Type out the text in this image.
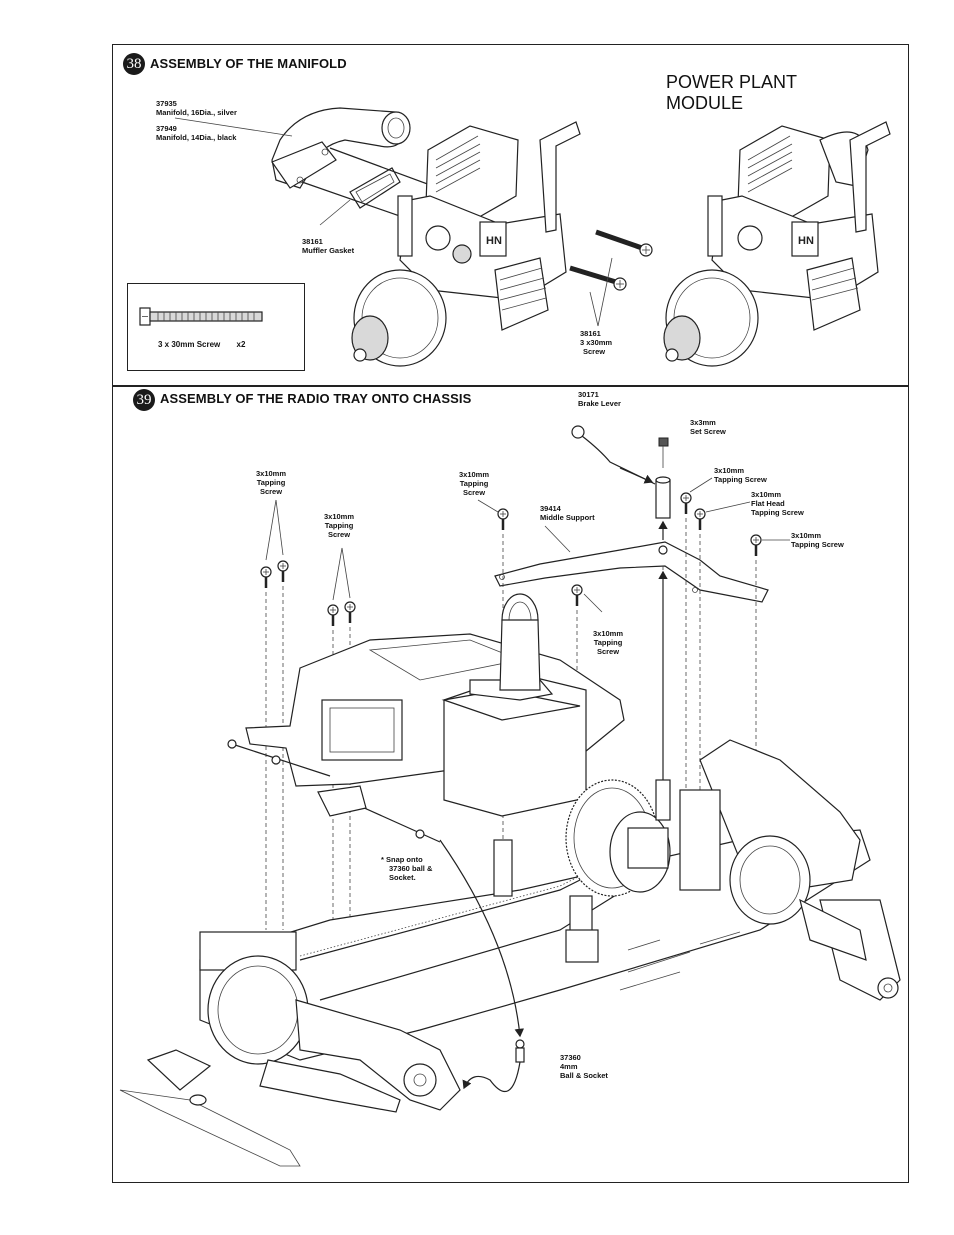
38 ASSEMBLY OF THE MANIFOLD
POWER PLANT
MODULE
37935
Manifold, 16Dia., silver
37949
Manifold, 14Dia., black
38161
Muffler Gasket
38161
3 x30mm
Screw
3 x 30mm Screw x2
39 ASSEMBLY OF THE RADIO TRAY ONTO CHASSIS	30171
Brake Lever
3x3mm
Set Screw
3x10mm
Tapping Screw
3x10mm
Flat Head
Tapping Screw
3x10mm
Tapping Screw
3x10mm
Tapping
Screw
3x10mm
Tapping
Screw
3x10mm
Tapping
Screw
3x10mm
Tapping
Screw
39414
Middle Support
* Snap onto
37360 ball &
Socket.
37360
4mm
Ball & Socket
HN	HN
